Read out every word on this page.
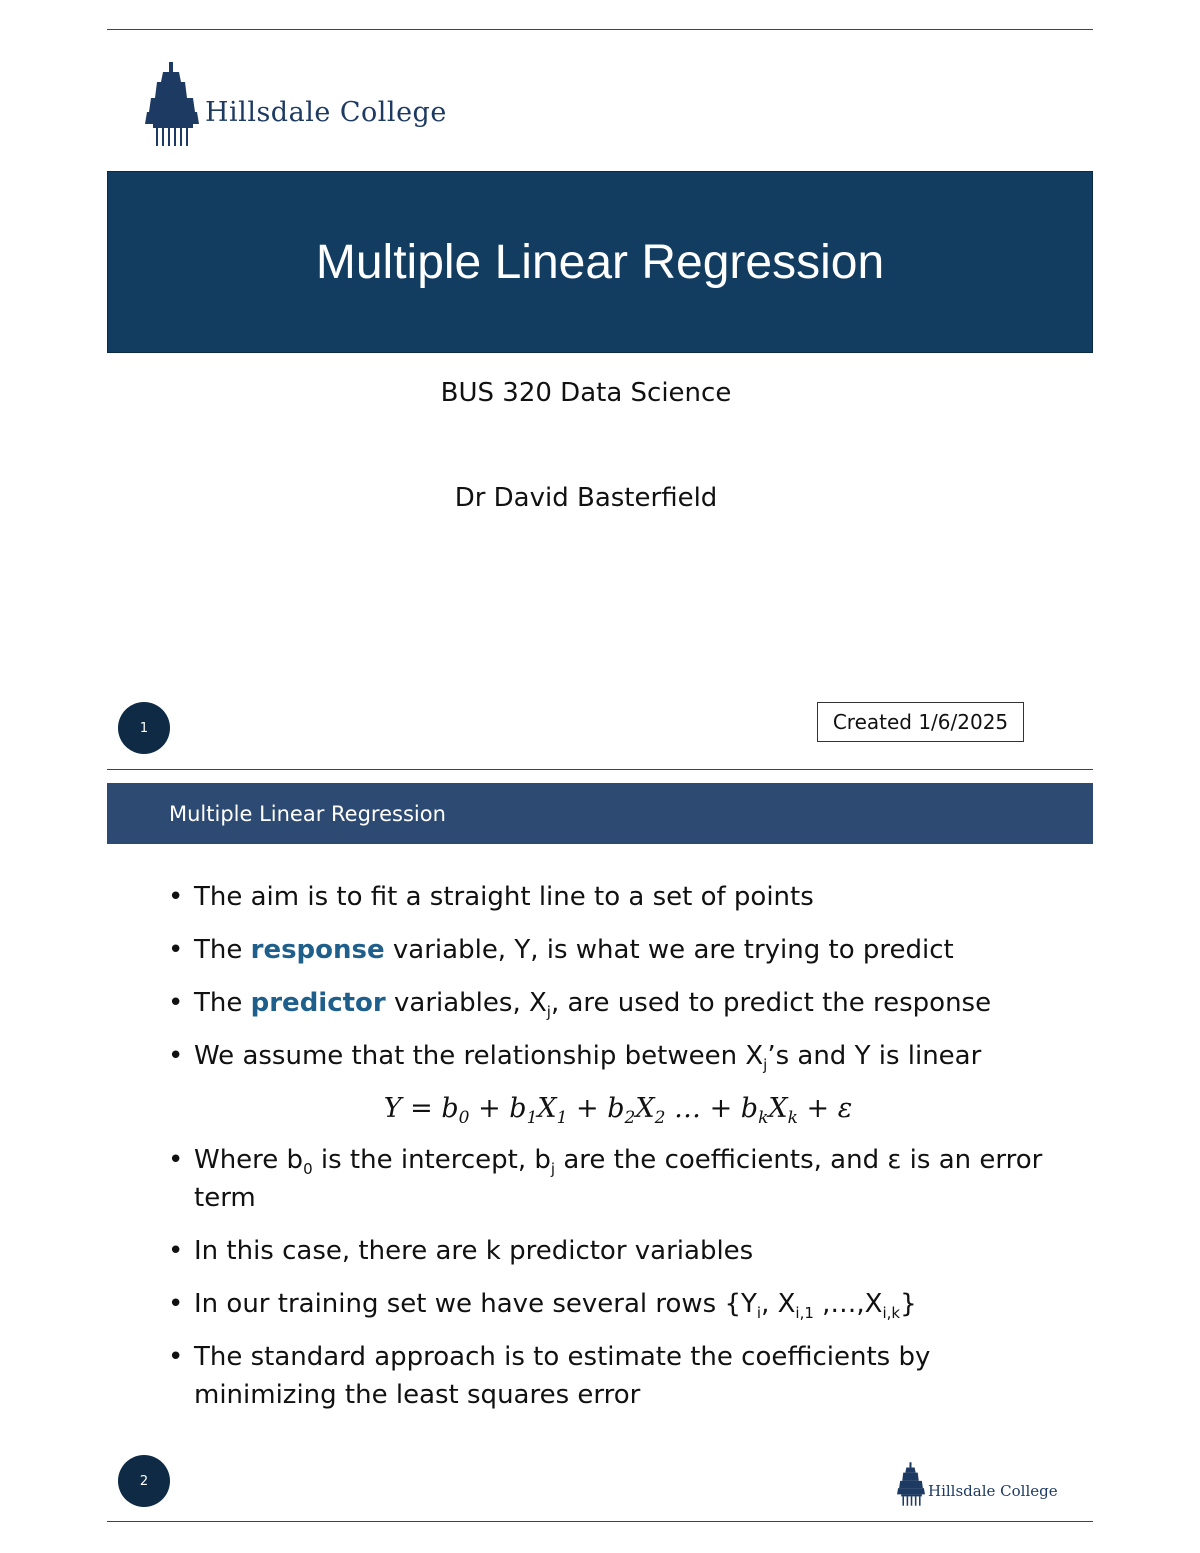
Hillsdale College
Multiple Linear Regression
BUS 320 Data Science
Dr David Basterfield
1	Created 1/6/2025
Multiple Linear Regression
• The aim is to fit a straight line to a set of points
• The response variable, Y, is what we are trying to predict
• The predictor variables, $X_j$, are used to predict the response
• We assume that the relationship between $X_j’s$ and Y is linear
$Y = b_0 + b_1X_1 + b_2X_2$ … + $b_kX_k + \varepsilon$
• Where $b_0$ is the intercept, $b_j$ are the coefficients, and ε is an error term
• In this case, there are k predictor variables
• In our training set we have several rows {$Y_i$, $X_{i,1}$ $,\dots,X_{i,k}$}
• The standard approach is to estimate the coefficients by minimizing the least squares error
2
Hillsdale College
